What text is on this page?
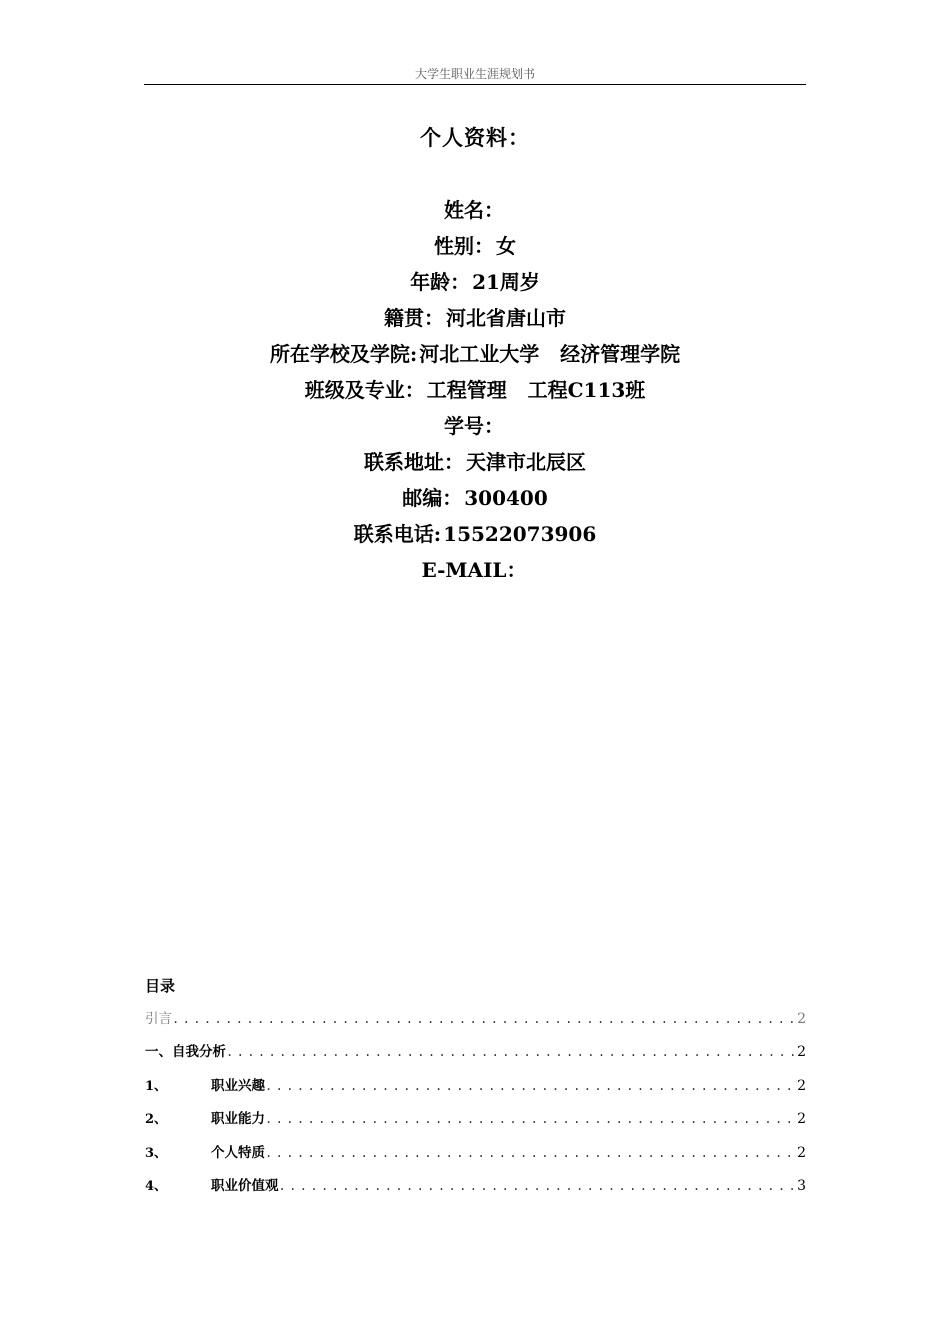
大学生职业生涯规划书
个人资料：
姓名：
性别： 女
年龄： 21周岁
籍贯： 河北省唐山市
所在学校及学院: 河北工业大学   经济管理学院
班级及专业： 工程管理   工程C113班
学号：
联系地址： 天津市北辰区
邮编： 300400
联系电话: 15522073906
E-MAIL：
目录
引言 .....	2
一、自我分析 .....	2
1、	职业兴趣 .....	2
2、	职业能力 .....	2
3、	个人特质 .....	2
4、	职业价值观 .....	3
